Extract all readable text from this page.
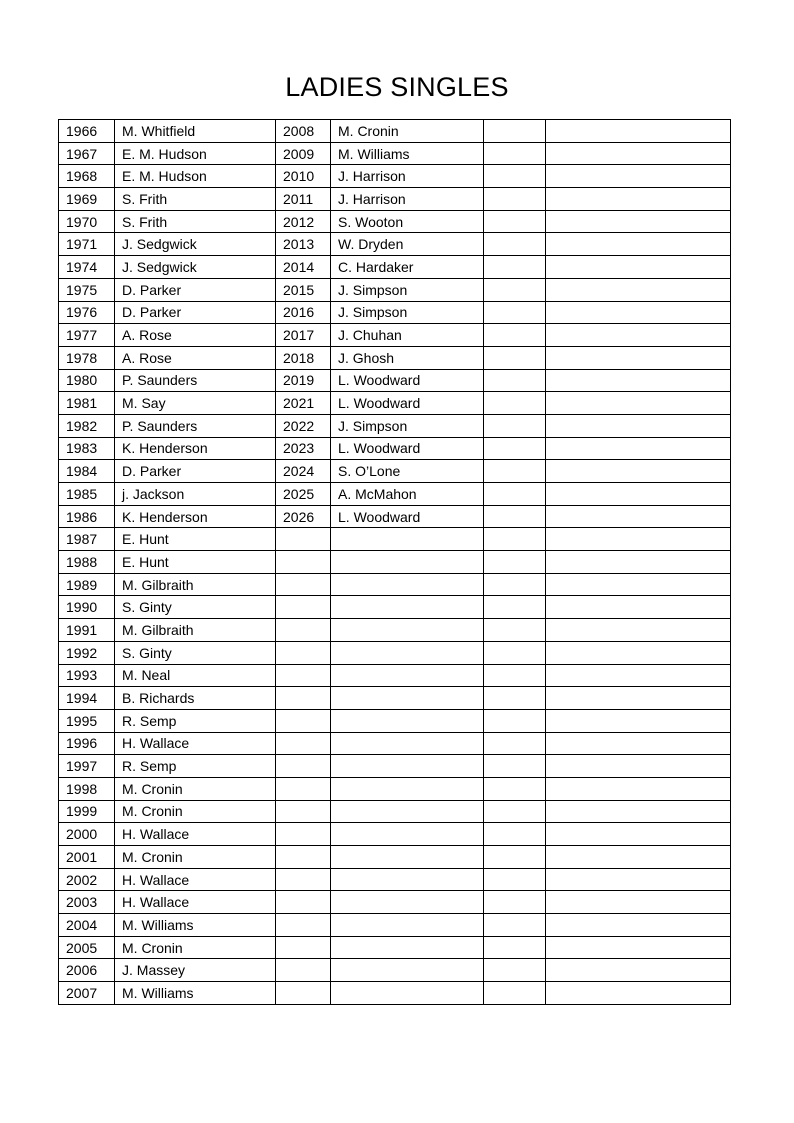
LADIES SINGLES
1966	M. Whitfield	2008	M. Cronin		
1967	E. M. Hudson	2009	M. Williams		
1968	E. M. Hudson	2010	J. Harrison		
1969	S. Frith	2011	J. Harrison		
1970	S. Frith	2012	S. Wooton		
1971	J. Sedgwick	2013	W. Dryden		
1974	J. Sedgwick	2014	C. Hardaker		
1975	D. Parker	2015	J. Simpson		
1976	D. Parker	2016	J. Simpson		
1977	A. Rose	2017	J. Chuhan		
1978	A. Rose	2018	J. Ghosh		
1980	P. Saunders	2019	L. Woodward		
1981	M. Say	2021	L. Woodward		
1982	P. Saunders	2022	J. Simpson		
1983	K. Henderson	2023	L. Woodward		
1984	D. Parker	2024	S. O’Lone		
1985	j. Jackson	2025	A. McMahon		
1986	K. Henderson	2026	L. Woodward		
1987	E. Hunt				
1988	E. Hunt				
1989	M. Gilbraith				
1990	S. Ginty				
1991	M. Gilbraith				
1992	S. Ginty				
1993	M. Neal				
1994	B. Richards				
1995	R. Semp				
1996	H. Wallace				
1997	R. Semp				
1998	M. Cronin				
1999	M. Cronin				
2000	H. Wallace				
2001	M. Cronin				
2002	H. Wallace				
2003	H. Wallace				
2004	M. Williams				
2005	M. Cronin				
2006	J. Massey				
2007	M. Williams				
